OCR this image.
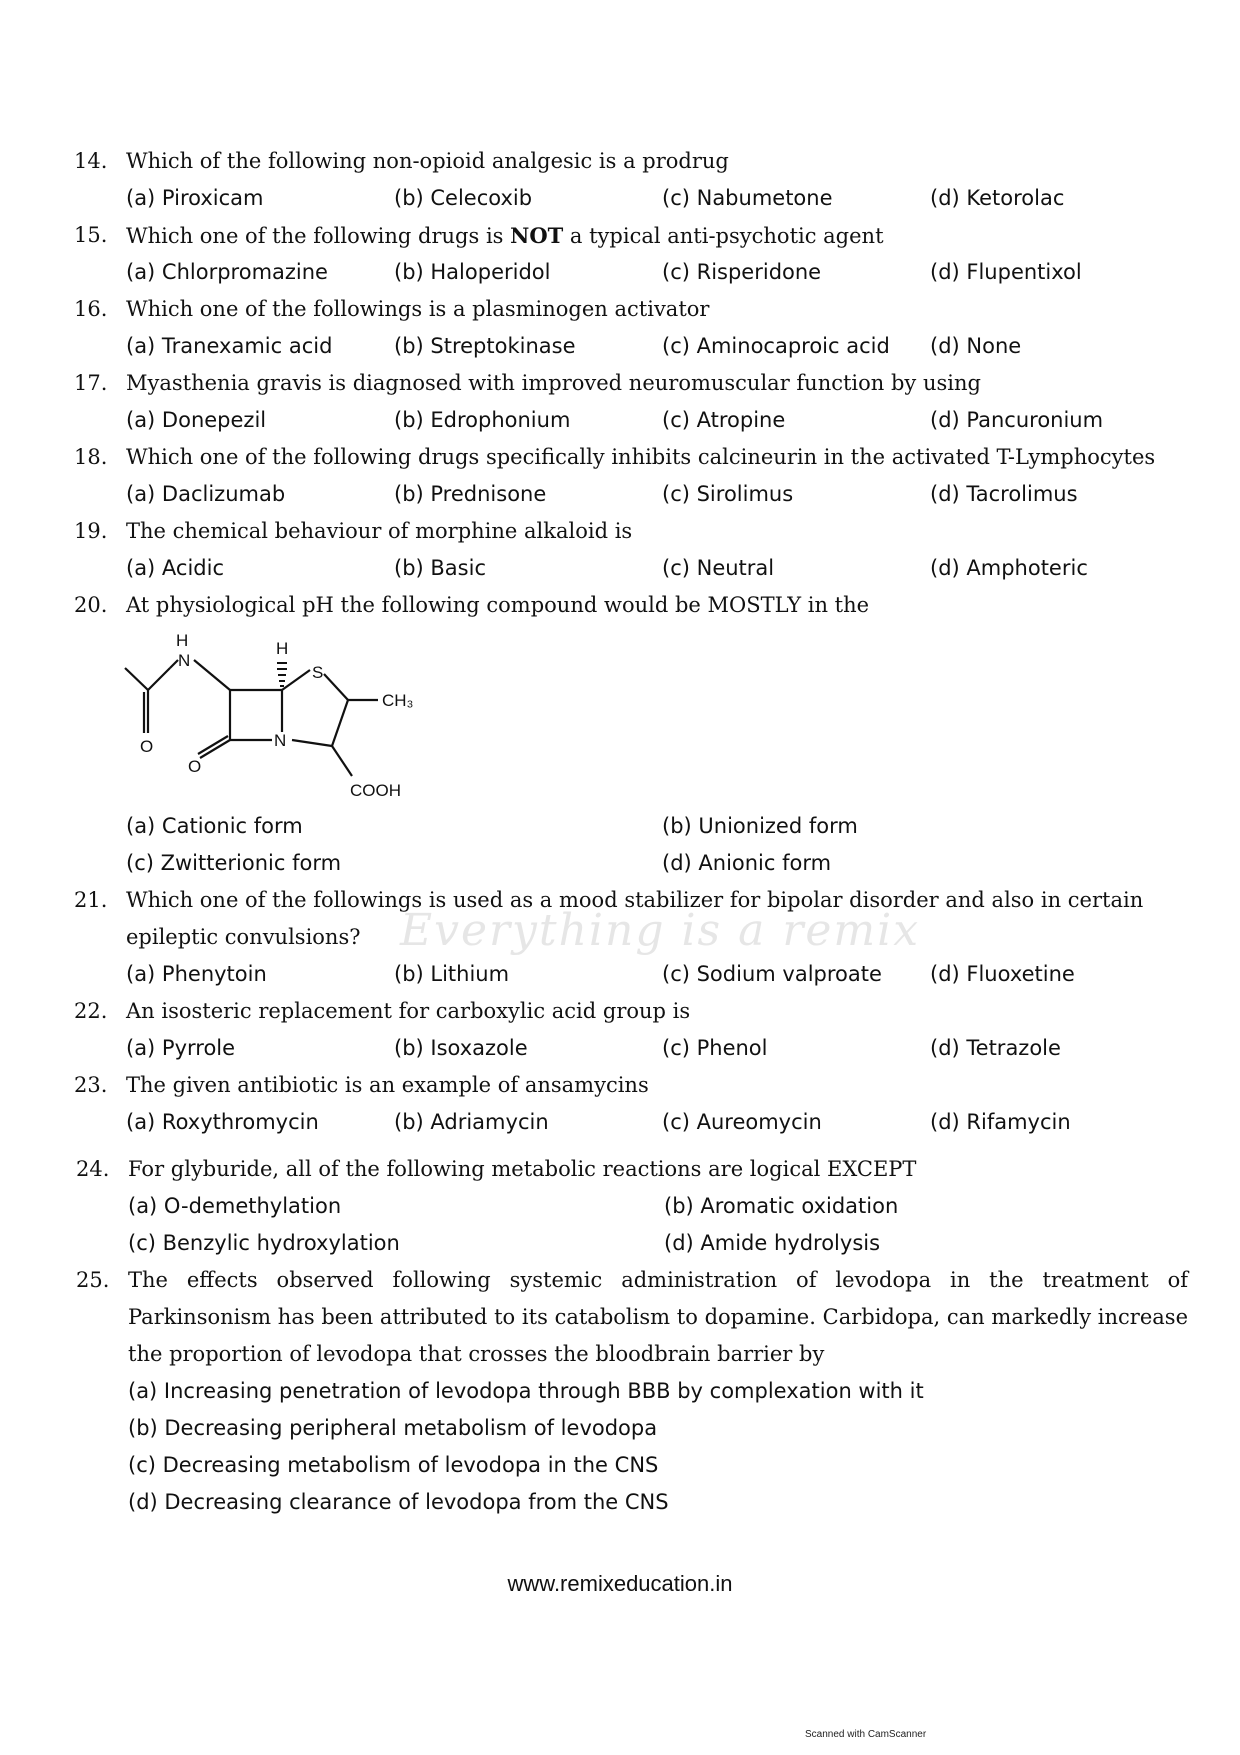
Everything is a remix
14. Which of the following non-opioid analgesic is a prodrug
(a) Piroxicam	(b) Celecoxib	(c) Nabumetone	(d) Ketorolac
15. Which one of the following drugs is NOT a typical anti-psychotic agent
(a) Chlorpromazine	(b) Haloperidol	(c) Risperidone	(d) Flupentixol
16. Which one of the followings is a plasminogen activator
(a) Tranexamic acid	(b) Streptokinase	(c) Aminocaproic acid (d) None
17. Myasthenia gravis is diagnosed with improved neuromuscular function by using
(a) Donepezil	(b) Edrophonium	(c) Atropine	(d) Pancuronium
18. Which one of the following drugs specifically inhibits calcineurin in the activated T-Lymphocytes
(a) Daclizumab	(b) Prednisone	(c) Sirolimus	(d) Tacrolimus
19. The chemical behaviour of morphine alkaloid is
(a) Acidic	(b) Basic	(c) Neutral	(d) Amphoteric
20. At physiological pH the following compound would be MOSTLY in the
H
N
H
S
CH₃
N
O
O
COOH
(a) Cationic form	(b) Unionized form
(c) Zwitterionic form	(d) Anionic form
21. Which one of the followings is used as a mood stabilizer for bipolar disorder and also in certain epileptic convulsions?
(a) Phenytoin	(b) Lithium	(c) Sodium valproate (d) Fluoxetine
22. An isosteric replacement for carboxylic acid group is
(a) Pyrrole	(b) Isoxazole	(c) Phenol	(d) Tetrazole
23. The given antibiotic is an example of ansamycins
(a) Roxythromycin	(b) Adriamycin	(c) Aureomycin	(d) Rifamycin
24. For glyburide, all of the following metabolic reactions are logical EXCEPT
(a) O-demethylation	(b) Aromatic oxidation
(c) Benzylic hydroxylation	(d) Amide hydrolysis
25. The effects observed following systemic administration of levodopa in the treatment of Parkinsonism has been attributed to its catabolism to dopamine. Carbidopa, can markedly increase the proportion of levodopa that crosses the bloodbrain barrier by
(a) Increasing penetration of levodopa through BBB by complexation with it
(b) Decreasing peripheral metabolism of levodopa
(c) Decreasing metabolism of levodopa in the CNS
(d) Decreasing clearance of levodopa from the CNS
www.remixeducation.in
Scanned with CamScanner
